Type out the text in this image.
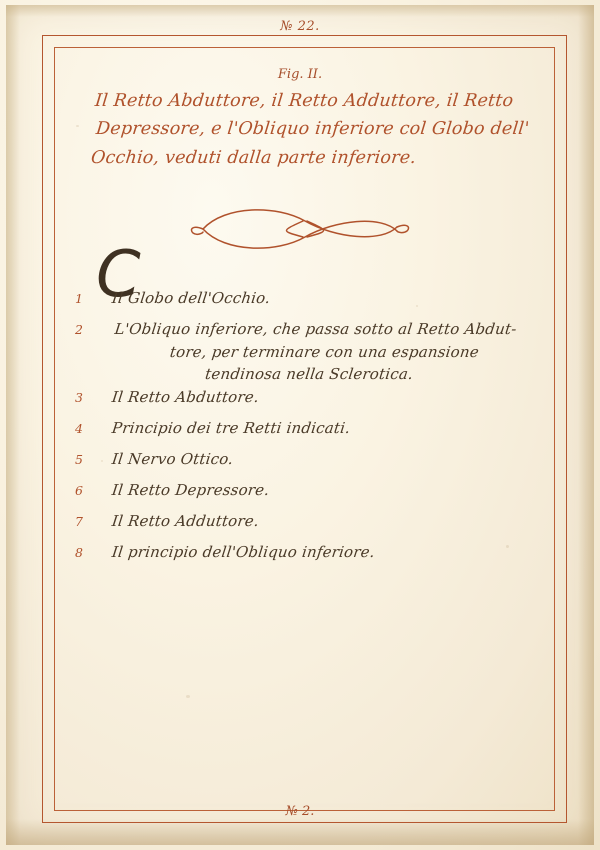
№ 22.
Fig. II.
Il Retto Abduttore, il Retto Adduttore, il Retto
Depressore, e l'Obliquo inferiore col Globo dell'
Occhio, veduti dalla parte inferiore.
𝘊
1	Il Globo dell'Occhio.
2	L'Obliquo inferiore, che passa sotto al Retto Abdut-
tore, per terminare con una espansione
tendinosa nella Sclerotica.
3	Il Retto Abduttore.
4	Principio dei tre Retti indicati.
5	Il Nervo Ottico.
6	Il Retto Depressore.
7	Il Retto Adduttore.
8	Il principio dell'Obliquo inferiore.
№ 2.
